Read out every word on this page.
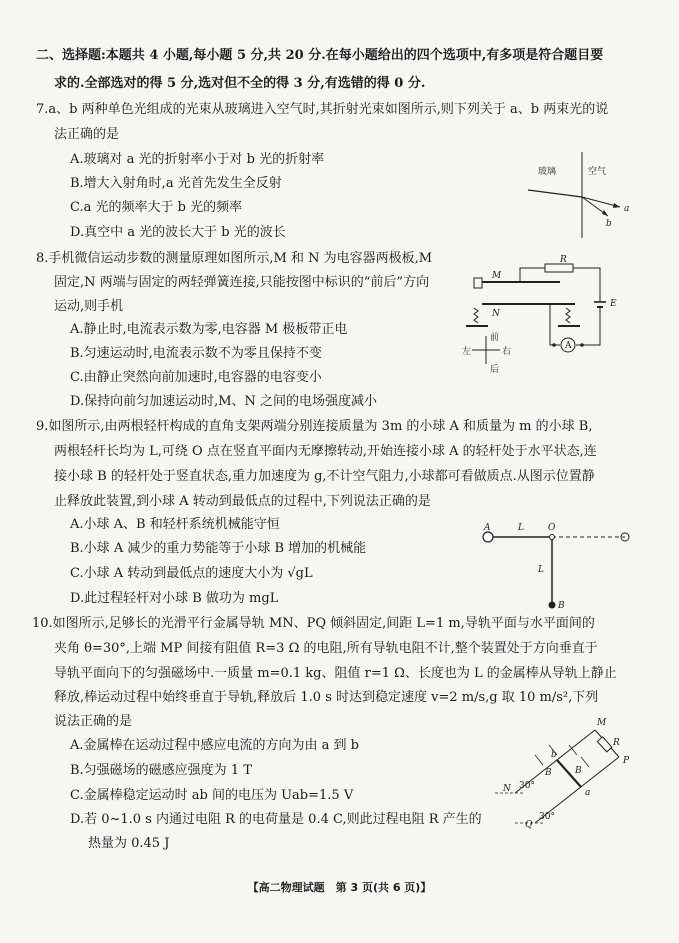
二、选择题:本题共 4 小题,每小题 5 分,共 20 分.在每小题给出的四个选项中,有多项是符合题目要
求的.全部选对的得 5 分,选对但不全的得 3 分,有选错的得 0 分.
7.a、b 两种单色光组成的光束从玻璃进入空气时,其折射光束如图所示,则下列关于 a、b 两束光的说
法正确的是
A.玻璃对 a 光的折射率小于对 b 光的折射率
B.增大入射角时,a 光首先发生全反射
C.a 光的频率大于 b 光的频率
D.真空中 a 光的波长大于 b 光的波长
玻璃	空气
a
b
8.手机微信运动步数的测量原理如图所示,M 和 N 为电容器两极板,M
固定,N 两端与固定的两轻弹簧连接,只能按图中标识的“前后”方向
运动,则手机
A.静止时,电流表示数为零,电容器 M 极板带正电
B.匀速运动时,电流表示数不为零且保持不变
C.由静止突然向前加速时,电容器的电容变小
D.保持向前匀加速运动时,M、N 之间的电场强度减小
R
E
M
N
A
前
后
左	右
9.如图所示,由两根轻杆构成的直角支架两端分别连接质量为 3m 的小球 A 和质量为 m 的小球 B,
两根轻杆长均为 L,可绕 O 点在竖直平面内无摩擦转动,开始连接小球 A 的轻杆处于水平状态,连
接小球 B 的轻杆处于竖直状态,重力加速度为 g,不计空气阻力,小球都可看做质点.从图示位置静
止释放此装置,到小球 A 转动到最低点的过程中,下列说法正确的是
A.小球 A、B 和轻杆系统机械能守恒
B.小球 A 减少的重力势能等于小球 B 增加的机械能
C.小球 A 转动到最低点的速度大小为 √gL
D.此过程轻杆对小球 B 做功为 mgL
A	L	O
L
B
10.如图所示,足够长的光滑平行金属导轨 MN、PQ 倾斜固定,间距 L=1 m,导轨平面与水平面间的
夹角 θ=30°,上端 MP 间接有阻值 R=3 Ω 的电阻,所有导轨电阻不计,整个装置处于方向垂直于
导轨平面向下的匀强磁场中.一质量 m=0.1 kg、阻值 r=1 Ω、长度也为 L 的金属棒从导轨上静止
释放,棒运动过程中始终垂直于导轨,释放后 1.0 s 时达到稳定速度 v=2 m/s,g 取 10 m/s²,下列
说法正确的是
A.金属棒在运动过程中感应电流的方向为由 a 到 b
B.匀强磁场的磁感应强度为 1 T
C.金属棒稳定运动时 ab 间的电压为 Uab=1.5 V
D.若 0~1.0 s 内通过电阻 R 的电荷量是 0.4 C,则此过程电阻 R 产生的
热量为 0.45 J
M
R
P
b
B	B
a
N
Q
30°
30°
【高二物理试题　第 3 页(共 6 页)】
